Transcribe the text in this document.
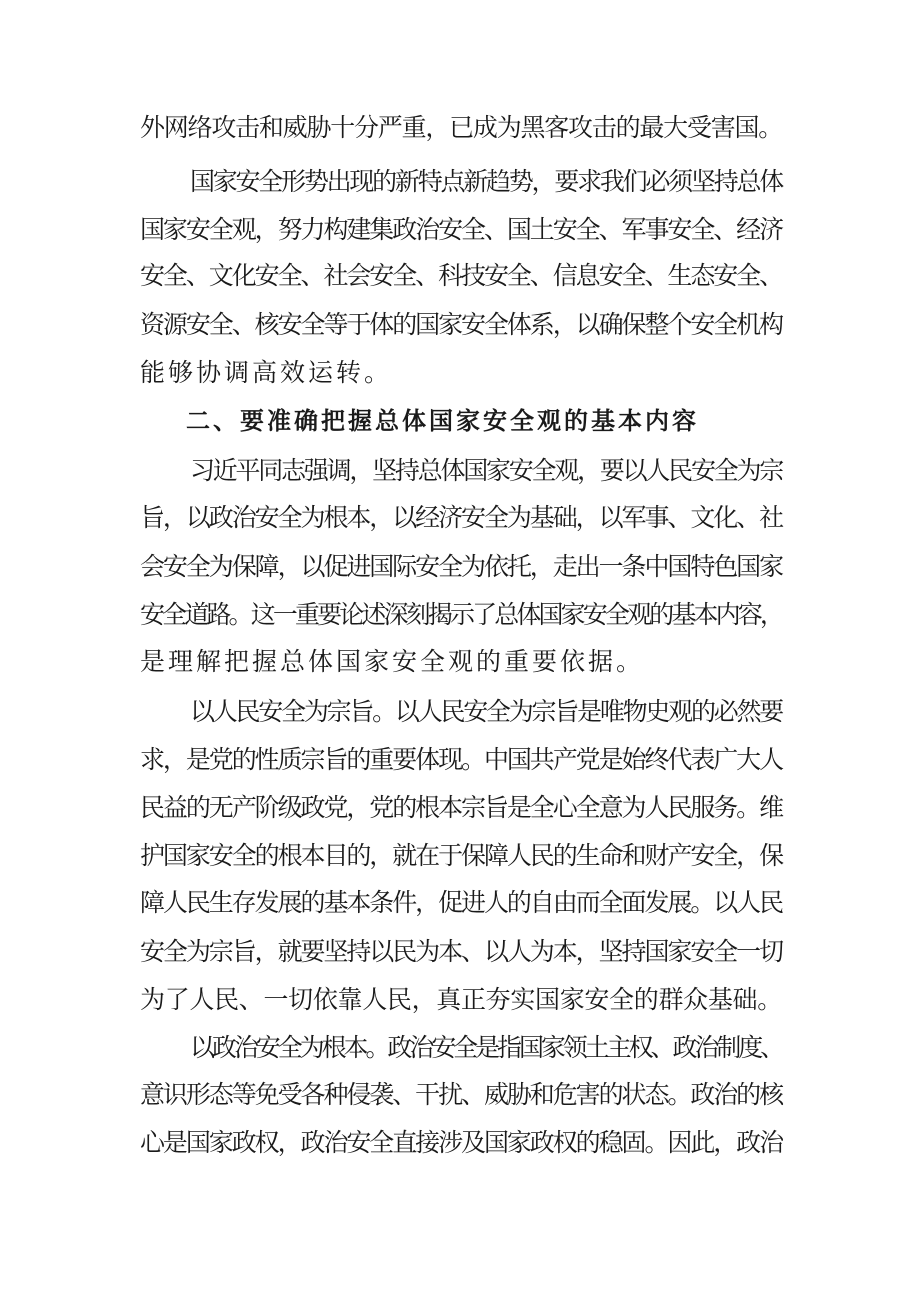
外网络攻击和威胁十分严重，已成为黑客攻击的最大受害国。
国家安全形势出现的新特点新趋势，要求我们必须坚持总体
国家安全观，努力构建集政治安全、国土安全、军事安全、经济
安全、文化安全、社会安全、科技安全、信息安全、生态安全、
资源安全、核安全等于体的国家安全体系，以确保整个安全机构
能够协调高效运转。
二、要准确把握总体国家安全观的基本内容
习近平同志强调，坚持总体国家安全观，要以人民安全为宗
旨，以政治安全为根本，以经济安全为基础，以军事、文化、社
会安全为保障，以促进国际安全为依托，走出一条中国特色国家
安全道路。这一重要论述深刻揭示了总体国家安全观的基本内容，
是理解把握总体国家安全观的重要依据。
以人民安全为宗旨。以人民安全为宗旨是唯物史观的必然要
求，是党的性质宗旨的重要体现。中国共产党是始终代表广大人
民益的无产阶级政党，党的根本宗旨是全心全意为人民服务。维
护国家安全的根本目的，就在于保障人民的生命和财产安全，保
障人民生存发展的基本条件，促进人的自由而全面发展。以人民
安全为宗旨，就要坚持以民为本、以人为本，坚持国家安全一切
为了人民、一切依靠人民，真正夯实国家安全的群众基础。
以政治安全为根本。政治安全是指国家领土主权、政治制度、
意识形态等免受各种侵袭、干扰、威胁和危害的状态。政治的核
心是国家政权，政治安全直接涉及国家政权的稳固。因此，政治
